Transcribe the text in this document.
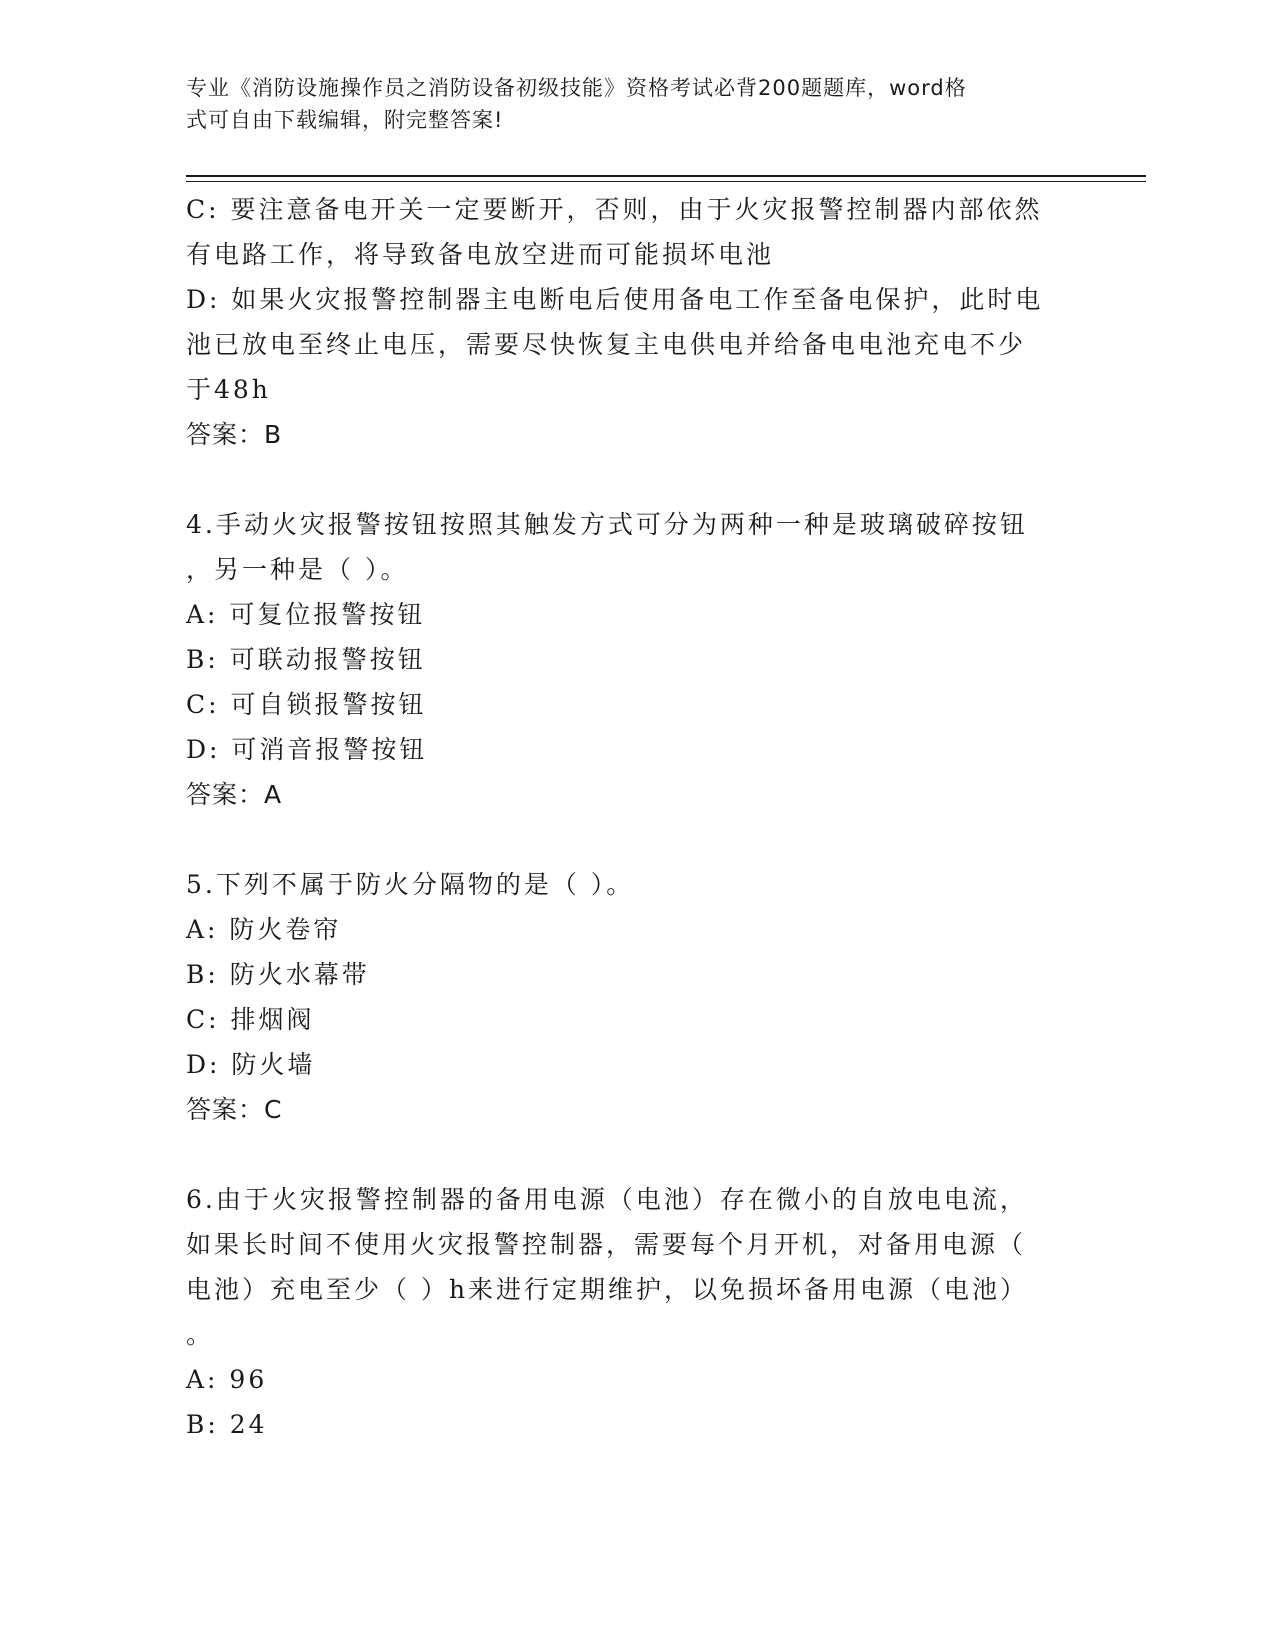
专业《消防设施操作员之消防设备初级技能》资格考试必背200题题库，word格
式可自由下载编辑，附完整答案!
C: 要注意备电开关一定要断开，否则，由于火灾报警控制器内部依然
有电路工作，将导致备电放空进而可能损坏电池
D: 如果火灾报警控制器主电断电后使用备电工作至备电保护，此时电
池已放电至终止电压，需要尽快恢复主电供电并给备电电池充电不少
于48h
答案：B
4.手动火灾报警按钮按照其触发方式可分为两种一种是玻璃破碎按钮
，另一种是（ ）。
A: 可复位报警按钮
B: 可联动报警按钮
C: 可自锁报警按钮
D: 可消音报警按钮
答案：A
5.下列不属于防火分隔物的是（ ）。
A: 防火卷帘
B: 防火水幕带
C: 排烟阀
D: 防火墙
答案：C
6.由于火灾报警控制器的备用电源（电池）存在微小的自放电电流，
如果长时间不使用火灾报警控制器，需要每个月开机，对备用电源（
电池）充电至少（ ）h来进行定期维护，以免损坏备用电源（电池）
。
A: 96
B: 24
